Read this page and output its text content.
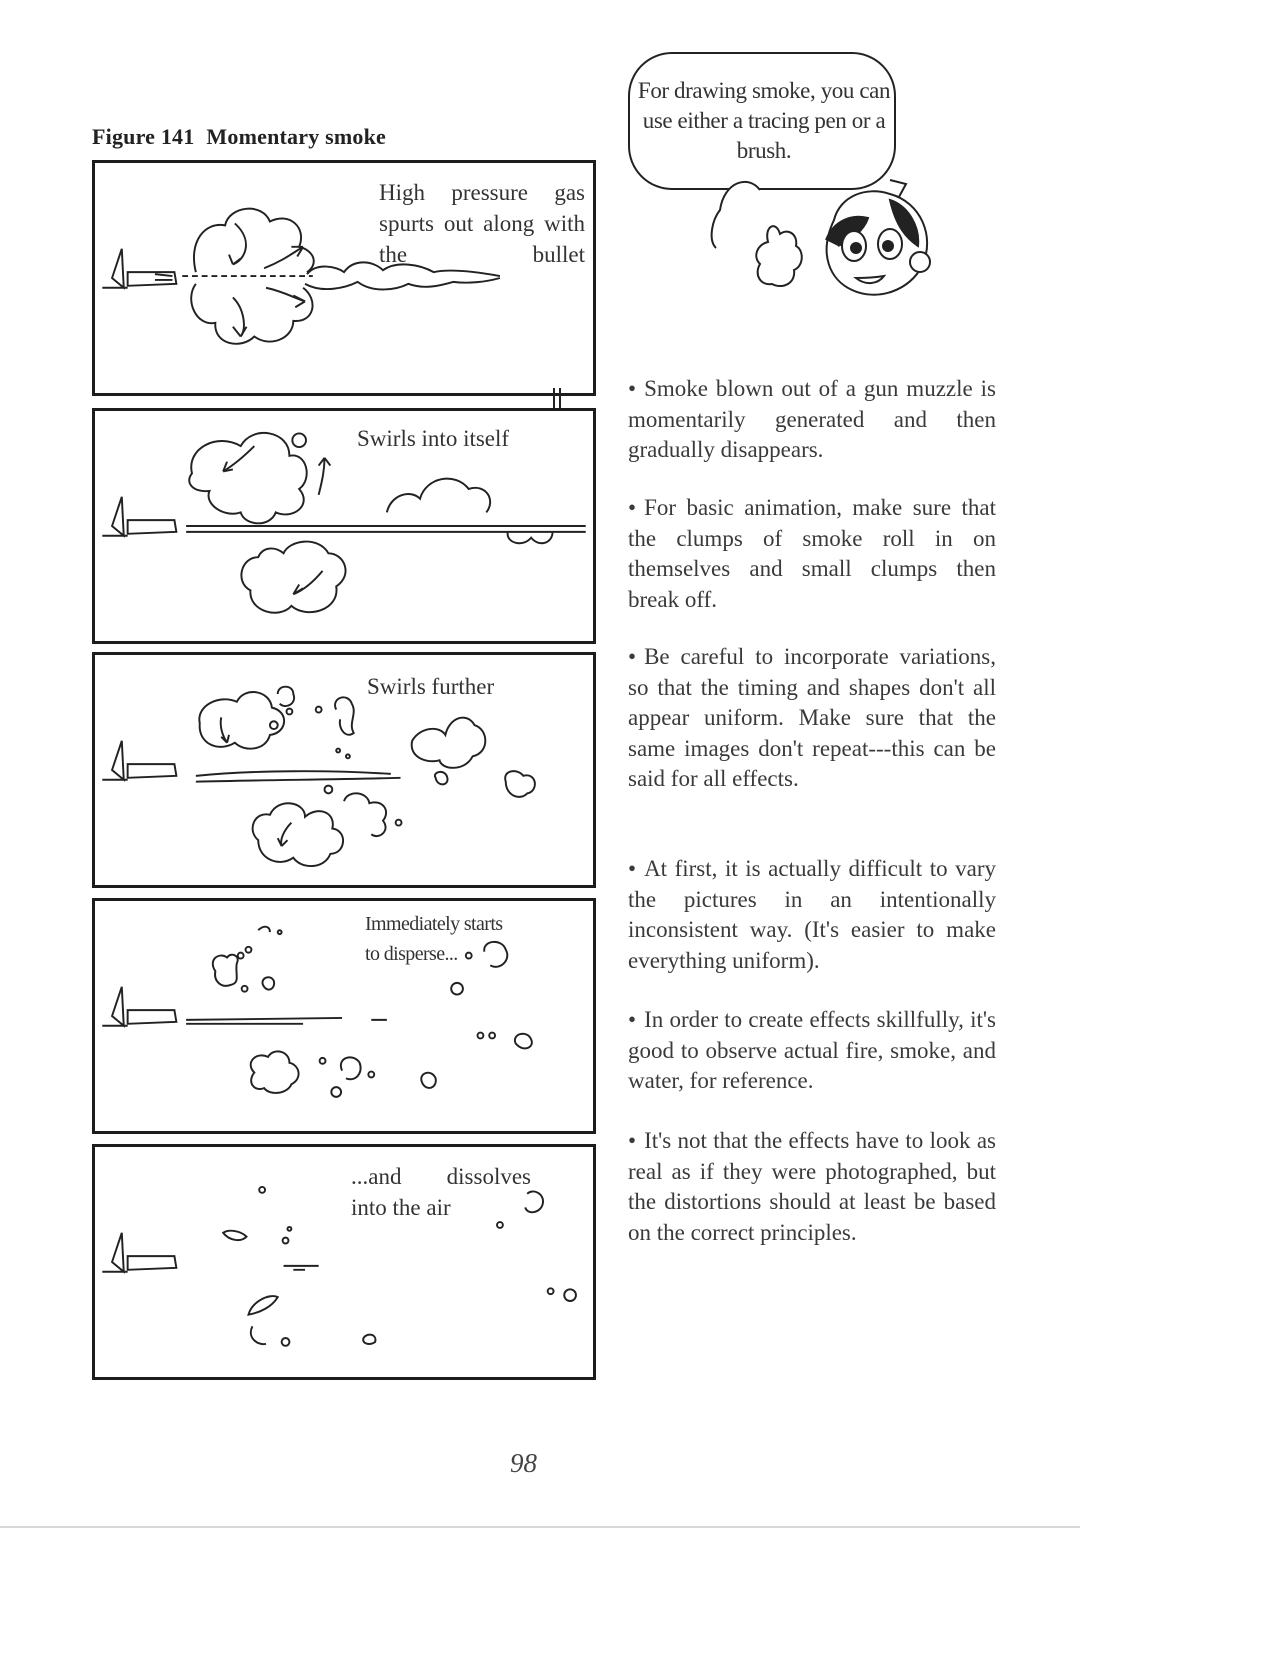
Figure 141 Momentary smoke
High pressure gas spurts out along with the bullet
Swirls into itself
Swirls further
Immediately starts
to disperse...
...and dissolves into the air
For drawing smoke, you can use either a tracing pen or a brush.
• Smoke blown out of a gun muzzle is momentarily generated and then gradually disappears.
• For basic animation, make sure that the clumps of smoke roll in on themselves and small clumps then break off.
• Be careful to incorporate variations, so that the timing and shapes don't all appear uniform. Make sure that the same images don't repeat---this can be said for all effects.
• At first, it is actually difficult to vary the pictures in an intentionally inconsistent way. (It's easier to make everything uniform).
• In order to create effects skillfully, it's good to observe actual fire, smoke, and water, for reference.
• It's not that the effects have to look as real as if they were photographed, but the distortions should at least be based on the correct principles.
98
